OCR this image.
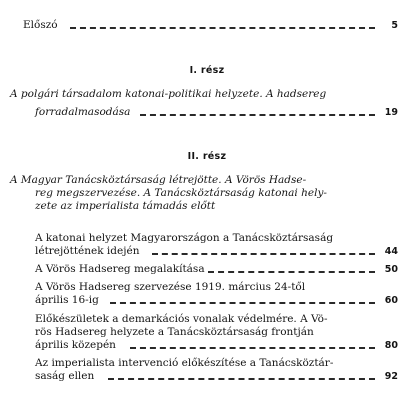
Előszó	5
I. rész
A polgári társadalom katonai-politikai helyzete. A hadsereg
forradalmasodása	19
II. rész
A Magyar Tanácsköztársaság létrejötte. A Vörös Hadse-
reg megszervezése. A Tanácsköztársaság katonai hely-
zete az imperialista támadás előtt
A katonai helyzet Magyarországon a Tanácsköztársaság
létrejöttének idején	44
A Vörös Hadsereg megalakítása	50
A Vörös Hadsereg szervezése 1919. március 24-től
április 16-ig	60
Előkészületek a demarkációs vonalak védelmére. A Vö-
rös Hadsereg helyzete a Tanácsköztársaság frontján
április közepén	80
Az imperialista intervenció előkészítése a Tanácsköztár-
saság ellen	92
